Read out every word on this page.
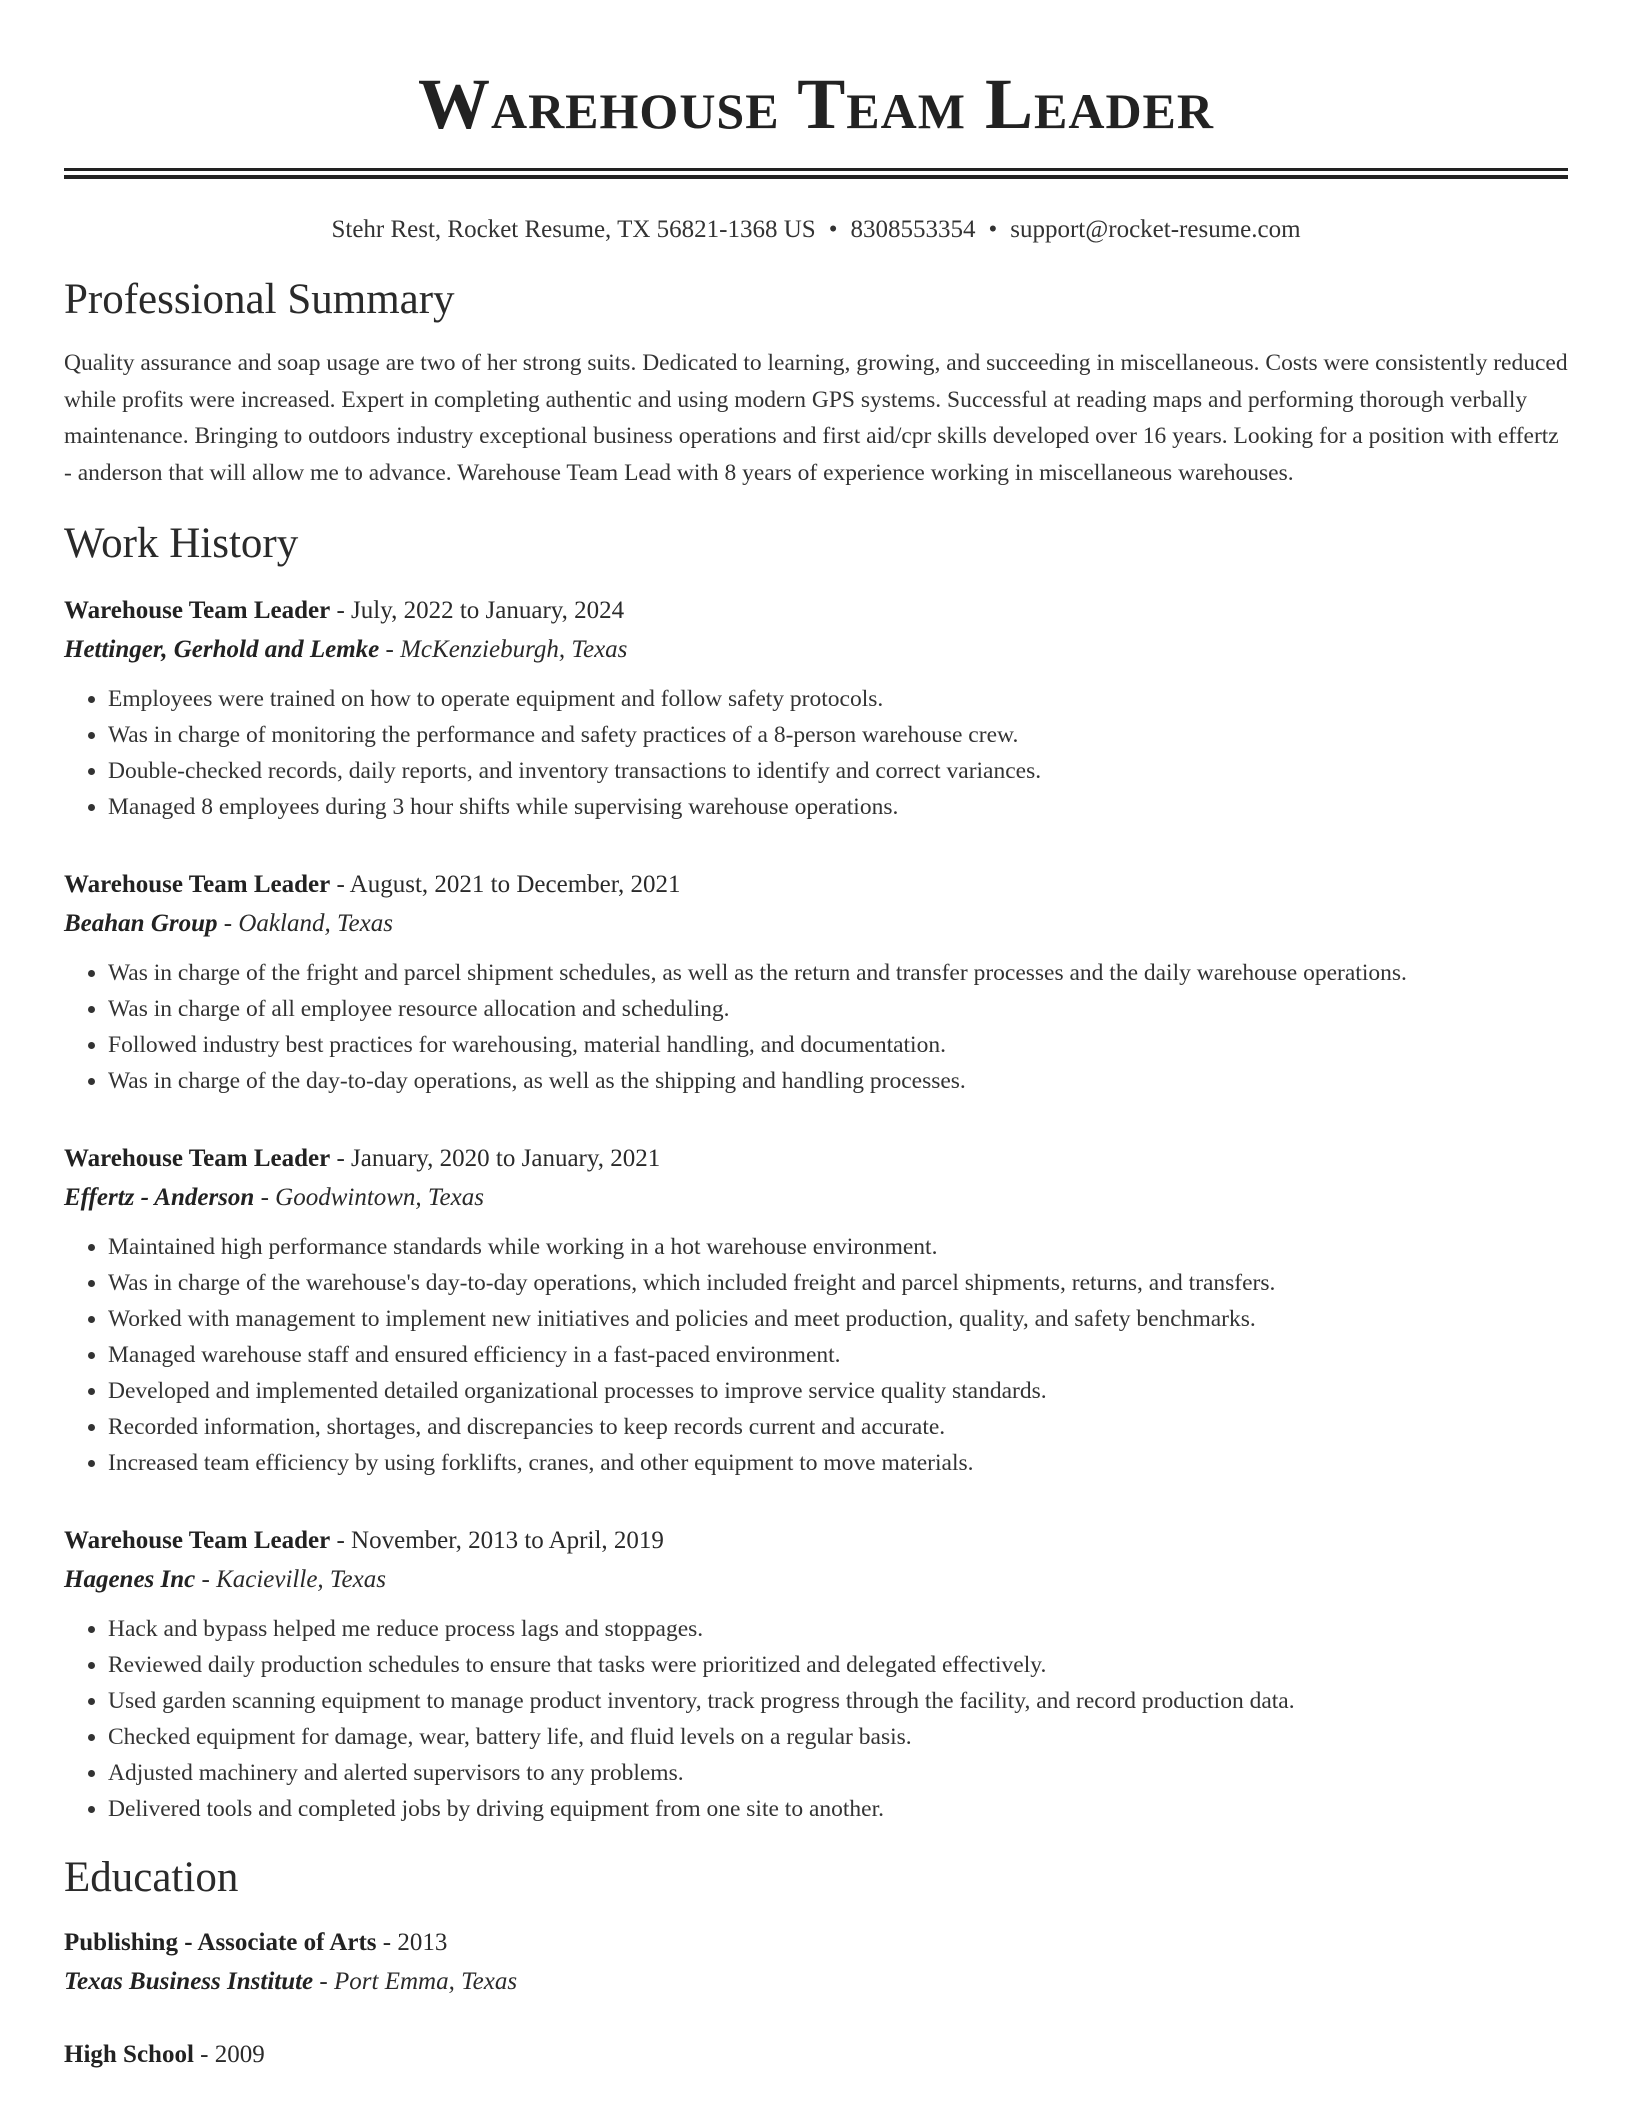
Warehouse Team Leader
Stehr Rest, Rocket Resume, TX 56821-1368 US • 8308553354 • support@rocket-resume.com
Professional Summary
Quality assurance and soap usage are two of her strong suits. Dedicated to learning, growing, and succeeding in miscellaneous. Costs were consistently reduced while profits were increased. Expert in completing authentic and using modern GPS systems. Successful at reading maps and performing thorough verbally maintenance. Bringing to outdoors industry exceptional business operations and first aid/cpr skills developed over 16 years. Looking for a position with effertz - anderson that will allow me to advance. Warehouse Team Lead with 8 years of experience working in miscellaneous warehouses.
Work History
Warehouse Team Leader - July, 2022 to January, 2024
Hettinger, Gerhold and Lemke - McKenzieburgh, Texas
• Employees were trained on how to operate equipment and follow safety protocols.
• Was in charge of monitoring the performance and safety practices of a 8-person warehouse crew.
• Double-checked records, daily reports, and inventory transactions to identify and correct variances.
• Managed 8 employees during 3 hour shifts while supervising warehouse operations.
Warehouse Team Leader - August, 2021 to December, 2021
Beahan Group - Oakland, Texas
• Was in charge of the fright and parcel shipment schedules, as well as the return and transfer processes and the daily warehouse operations.
• Was in charge of all employee resource allocation and scheduling.
• Followed industry best practices for warehousing, material handling, and documentation.
• Was in charge of the day-to-day operations, as well as the shipping and handling processes.
Warehouse Team Leader - January, 2020 to January, 2021
Effertz - Anderson - Goodwintown, Texas
• Maintained high performance standards while working in a hot warehouse environment.
• Was in charge of the warehouse's day-to-day operations, which included freight and parcel shipments, returns, and transfers.
• Worked with management to implement new initiatives and policies and meet production, quality, and safety benchmarks.
• Managed warehouse staff and ensured efficiency in a fast-paced environment.
• Developed and implemented detailed organizational processes to improve service quality standards.
• Recorded information, shortages, and discrepancies to keep records current and accurate.
• Increased team efficiency by using forklifts, cranes, and other equipment to move materials.
Warehouse Team Leader - November, 2013 to April, 2019
Hagenes Inc - Kacieville, Texas
• Hack and bypass helped me reduce process lags and stoppages.
• Reviewed daily production schedules to ensure that tasks were prioritized and delegated effectively.
• Used garden scanning equipment to manage product inventory, track progress through the facility, and record production data.
• Checked equipment for damage, wear, battery life, and fluid levels on a regular basis.
• Adjusted machinery and alerted supervisors to any problems.
• Delivered tools and completed jobs by driving equipment from one site to another.
Education
Publishing - Associate of Arts - 2013
Texas Business Institute - Port Emma, Texas
High School - 2009
